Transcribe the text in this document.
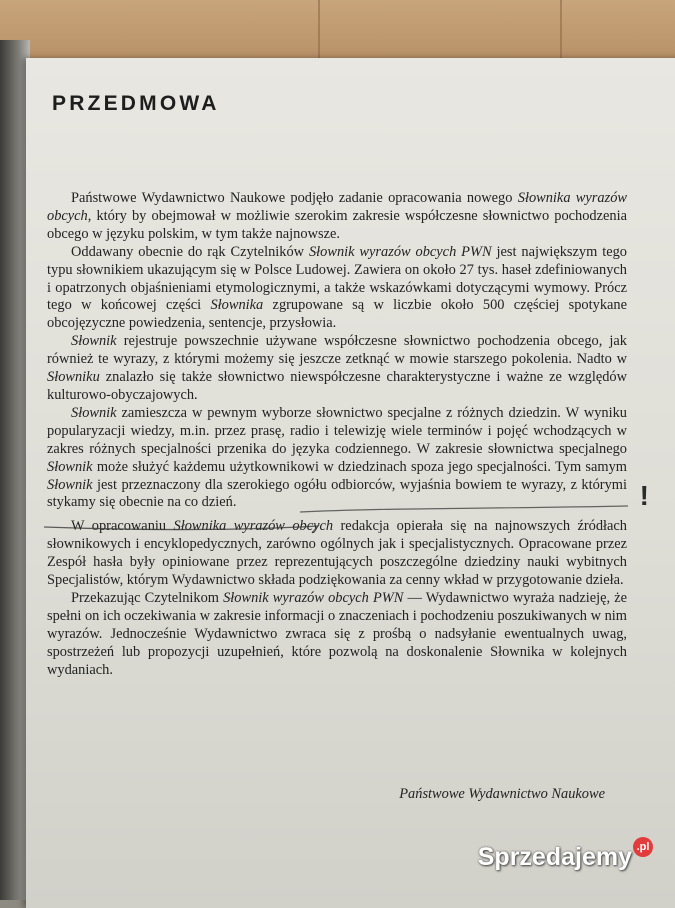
PRZEDMOWA

Państwowe Wydawnictwo Naukowe podjęło zadanie opracowania nowego Słownika wyrazów obcych, który by obejmował w możliwie szerokim zakresie współczesne słownictwo pochodzenia obcego w języku polskim, w tym także najnowsze.

Oddawany obecnie do rąk Czytelników Słownik wyrazów obcych PWN jest największym tego typu słownikiem ukazującym się w Polsce Ludowej. Zawiera on około 27 tys. haseł zdefiniowanych i opatrzonych objaśnieniami etymologicznymi, a także wskazówkami dotyczącymi wymowy. Prócz tego w końcowej części Słownika zgrupowane są w liczbie około 500 częściej spotykane obcojęzyczne powiedzenia, sentencje, przysłowia.

Słownik rejestruje powszechnie używane współczesne słownictwo pochodzenia obcego, jak również te wyrazy, z którymi możemy się jeszcze zetknąć w mowie starszego pokolenia. Nadto w Słowniku znalazło się także słownictwo niewspółczesne charakterystyczne i ważne ze względów kulturowo-obyczajowych.

Słownik zamieszcza w pewnym wyborze słownictwo specjalne z różnych dziedzin. W wyniku popularyzacji wiedzy, m.in. przez prasę, radio i telewizję wiele terminów i pojęć wchodzących w zakres różnych specjalności przenika do języka codziennego. W zakresie słownictwa specjalnego Słownik może służyć każdemu użytkownikowi w dziedzinach spoza jego specjalności. Tym samym Słownik jest przeznaczony dla szerokiego ogółu odbiorców, wyjaśnia bowiem te wyrazy, z którymi stykamy się obecnie na co dzień.

W opracowaniu Słownika wyrazów obcych redakcja opierała się na najnowszych źródłach słownikowych i encyklopedycznych, zarówno ogólnych jak i specjalistycznych. Opracowane przez Zespół hasła były opiniowane przez reprezentujących poszczególne dziedziny nauki wybitnych Specjalistów, którym Wydawnictwo składa podziękowania za cenny wkład w przygotowanie dzieła.

Przekazując Czytelnikom Słownik wyrazów obcych PWN — Wydawnictwo wyraża nadzieję, że spełni on ich oczekiwania w zakresie informacji o znaczeniach i pochodzeniu poszukiwanych w nim wyrazów. Jednocześnie Wydawnictwo zwraca się z prośbą o nadsyłanie ewentualnych uwag, spostrzeżeń lub propozycji uzupełnień, które pozwolą na doskonalenie Słownika w kolejnych wydaniach.

!
Państwowe Wydawnictwo Naukowe
Sprzedajemy .pl
